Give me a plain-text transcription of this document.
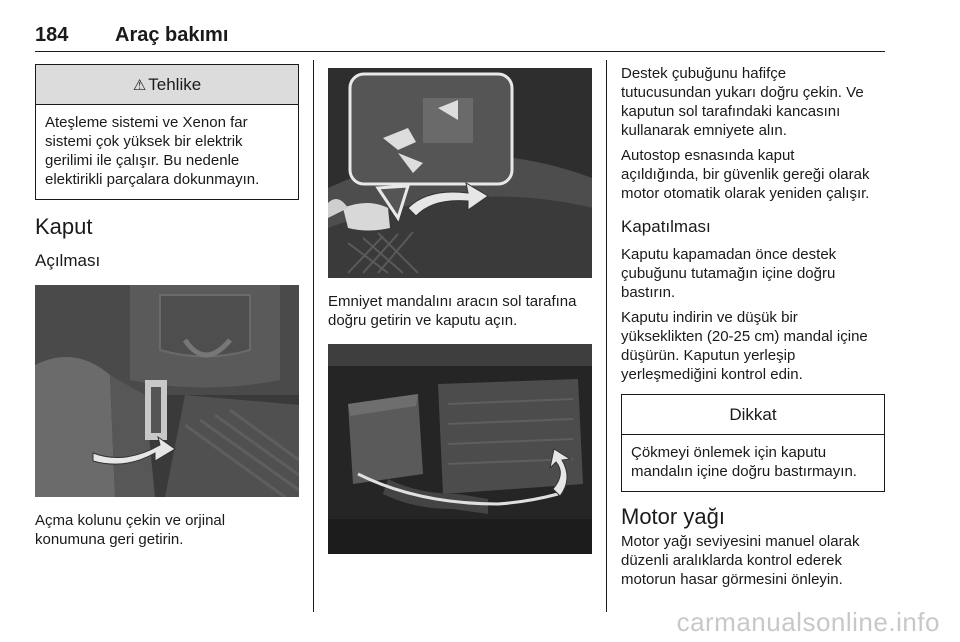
184 Araç bakımı
⚠ Tehlike
Ateşleme sistemi ve Xenon far
sistemi çok yüksek bir elektrik
gerilimi ile çalışır. Bu nedenle
elektirikli parçalara dokunmayın.
Kaput
Açılması

Açma kolunu çekin ve orjinal
konumuna geri getirin.

Emniyet mandalını aracın sol tarafına
doğru getirin ve kaputu açın.

Destek çubuğunu hafifçe
tutucusundan yukarı doğru çekin. Ve
kaputun sol tarafındaki kancasını
kullanarak emniyete alın.

Autostop esnasında kaput
açıldığında, bir güvenlik gereği olarak
motor otomatik olarak yeniden çalışır.

Kapatılması

Kaputu kapamadan önce destek
çubuğunu tutamağın içine doğru
bastırın.

Kaputu indirin ve düşük bir
yükseklikten (20-25 cm) mandal içine
düşürün. Kaputun yerleşip
yerleşmediğini kontrol edin.

Dikkat
Çökmeyi önlemek için kaputu
mandalın içine doğru bastırmayın.
Motor yağı

Motor yağı seviyesini manuel olarak
düzenli aralıklarda kontrol ederek
motorun hasar görmesini önleyin.

carmanualsonline.info
